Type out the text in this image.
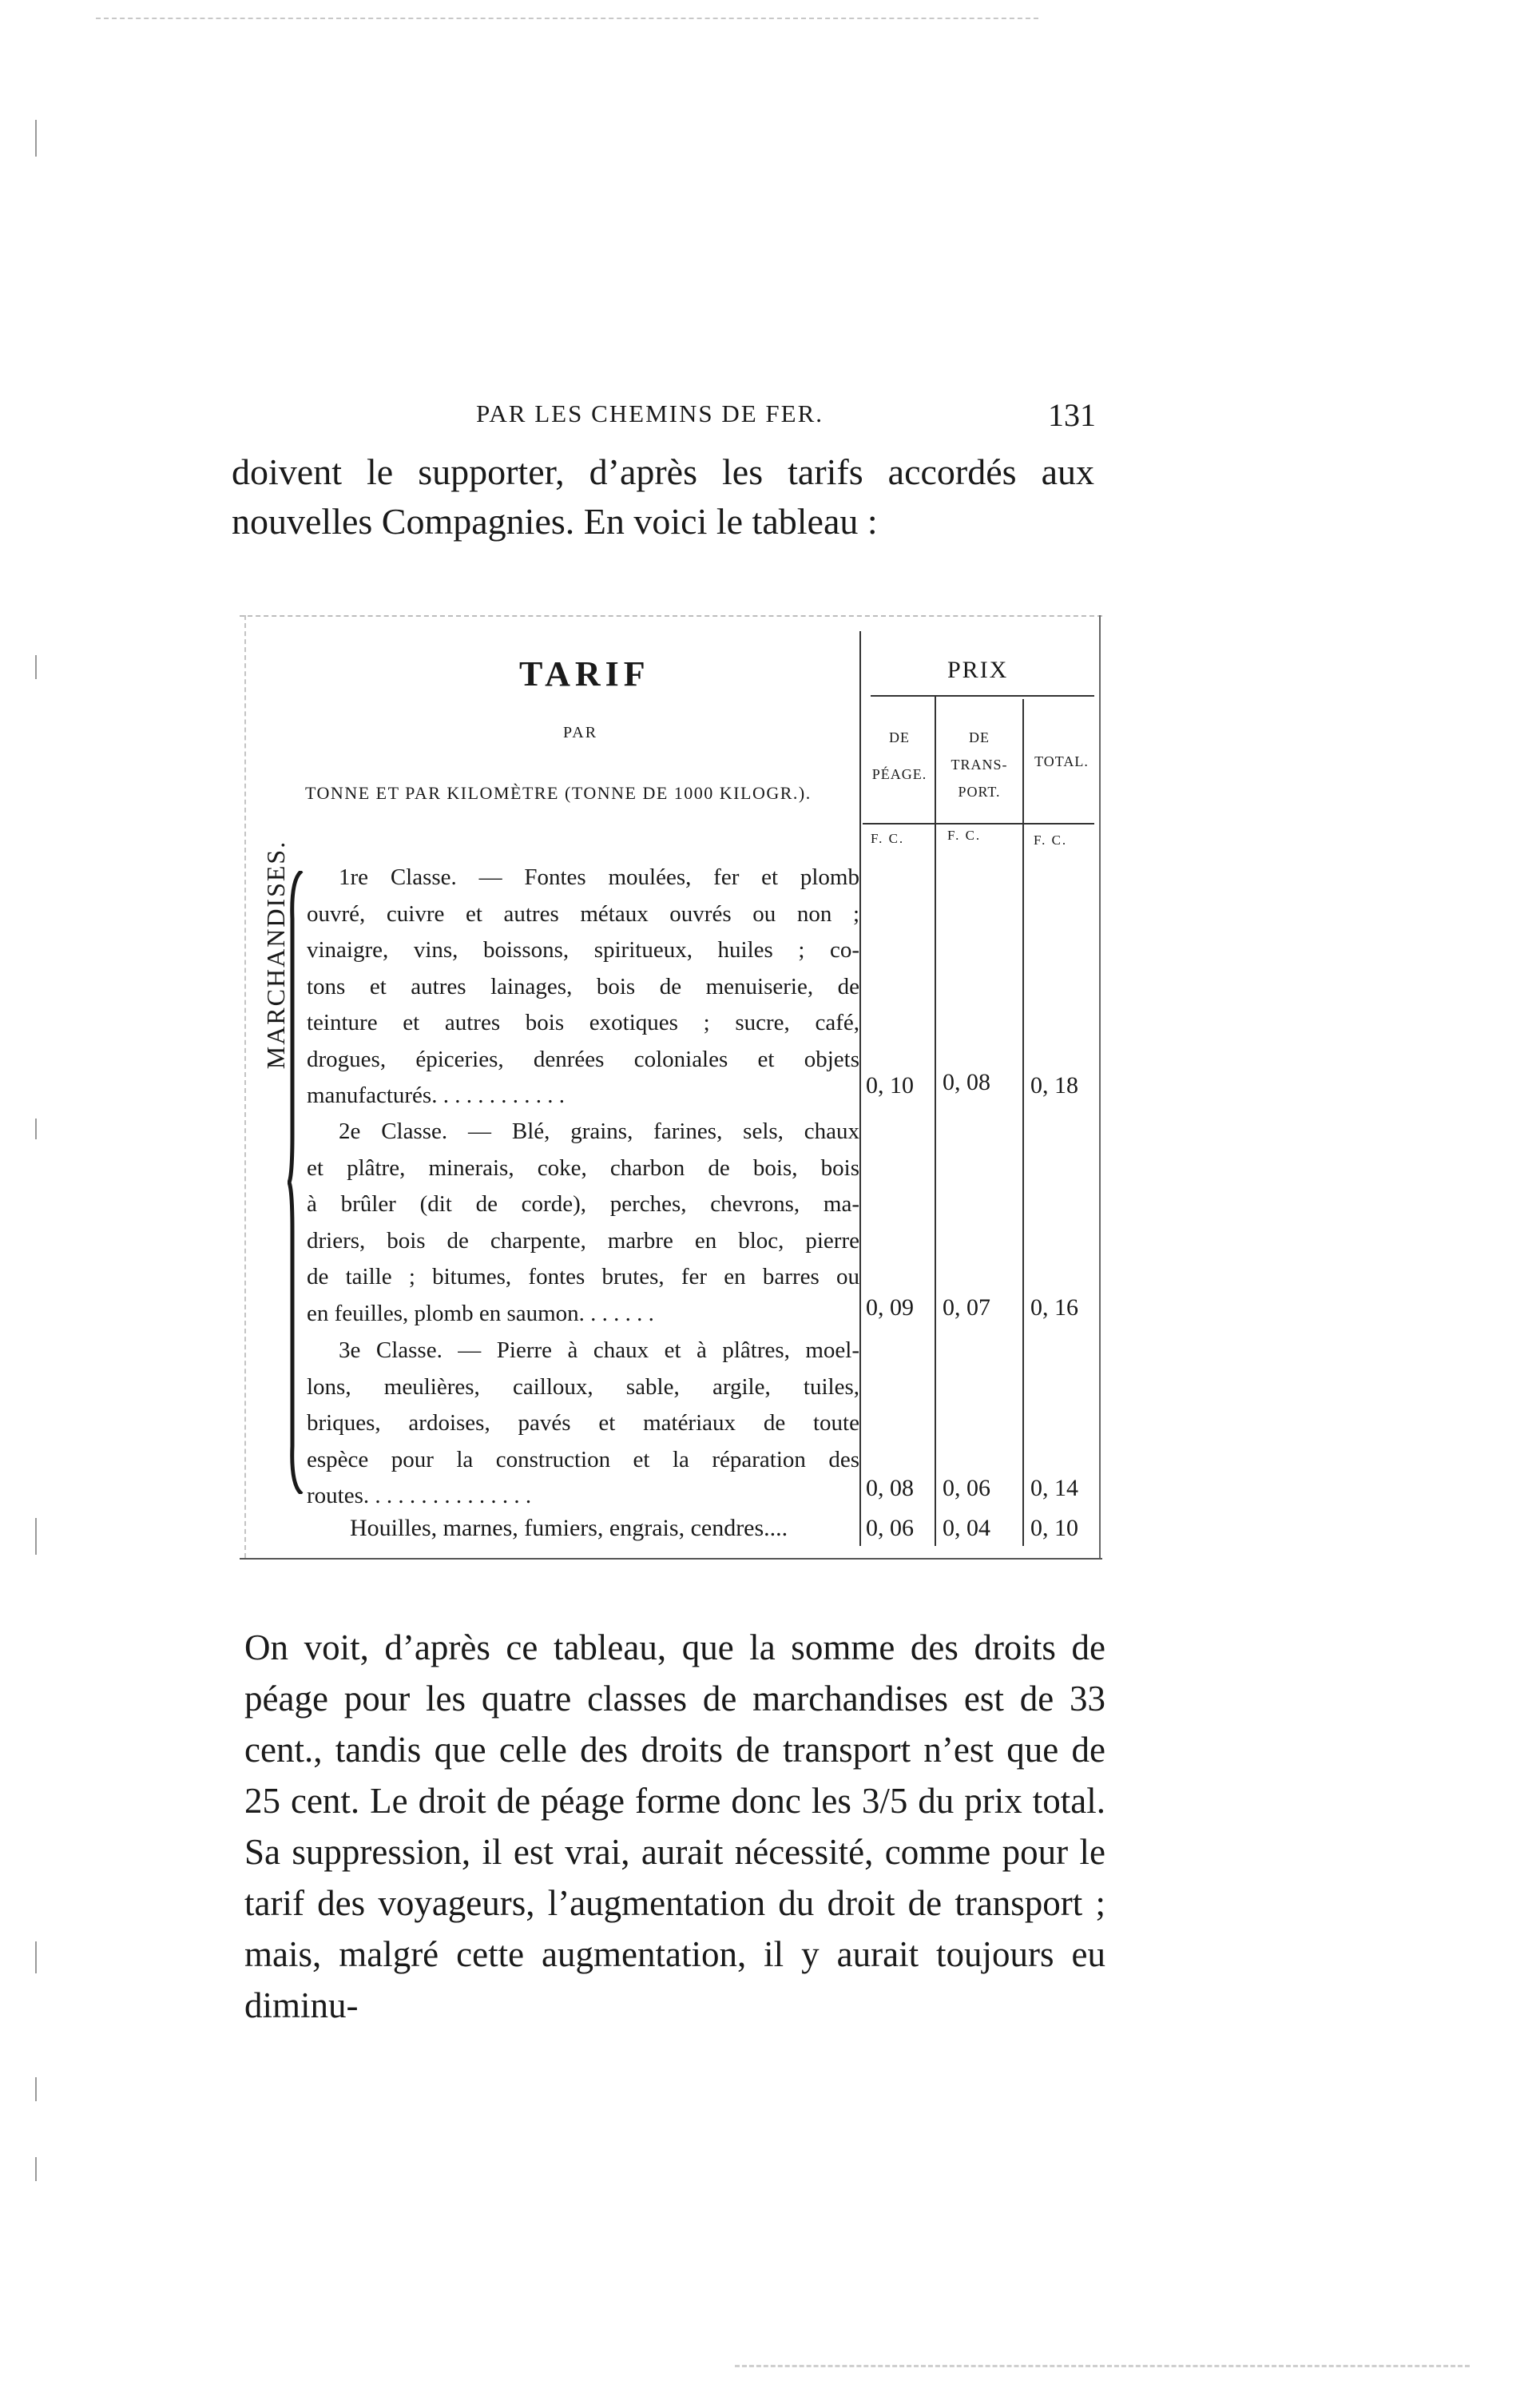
PAR LES CHEMINS DE FER.	131
doivent le supporter, d’après les tarifs accordés aux nouvelles Compagnies. En voici le tableau :
TARIF
PAR
TONNE ET PAR KILOMÈTRE (TONNE DE 1000 KILOGR.).
PRIX
DE
PÉAGE.
DE
TRANS-
PORT.
TOTAL.
F. C.	F. C.	F. C.
MARCHANDISES.	1re Classe. — Fontes moulées, fer et plomb

ouvré, cuivre et autres métaux ouvrés ou non ;

vinaigre, vins, boissons, spiritueux, huiles ; co-

tons et autres lainages, bois de menuiserie, de

teinture et autres bois exotiques ; sucre, café,

drogues, épiceries, denrées coloniales et objets

manufacturés. . . . . . . . . . . .	0, 10 0, 08 0, 18

2e Classe. — Blé, grains, farines, sels, chaux

et plâtre, minerais, coke, charbon de bois, bois

à brûler (dit de corde), perches, chevrons, ma-

driers, bois de charpente, marbre en bloc, pierre

de taille ; bitumes, fontes brutes, fer en barres ou

en feuilles, plomb en saumon. . . . . . .	0, 09 0, 07 0, 16

3e Classe. — Pierre à chaux et à plâtres, moel-

lons, meulières, cailloux, sable, argile, tuiles,

briques, ardoises, pavés et matériaux de toute

espèce pour la construction et la réparation des

routes. . . . . . . . . . . . . . .	0, 08 0, 06 0, 14
Houilles, marnes, fumiers, engrais, cendres....	0, 06 0, 04 0, 10
On voit, d’après ce tableau, que la somme des droits de péage pour les quatre classes de marchandises est de 33 cent., tandis que celle des droits de transport n’est que de 25 cent. Le droit de péage forme donc les 3/5 du prix total. Sa suppression, il est vrai, aurait nécessité, comme pour le tarif des voyageurs, l’augmentation du droit de transport ; mais, malgré cette augmentation, il y aurait toujours eu diminu-
